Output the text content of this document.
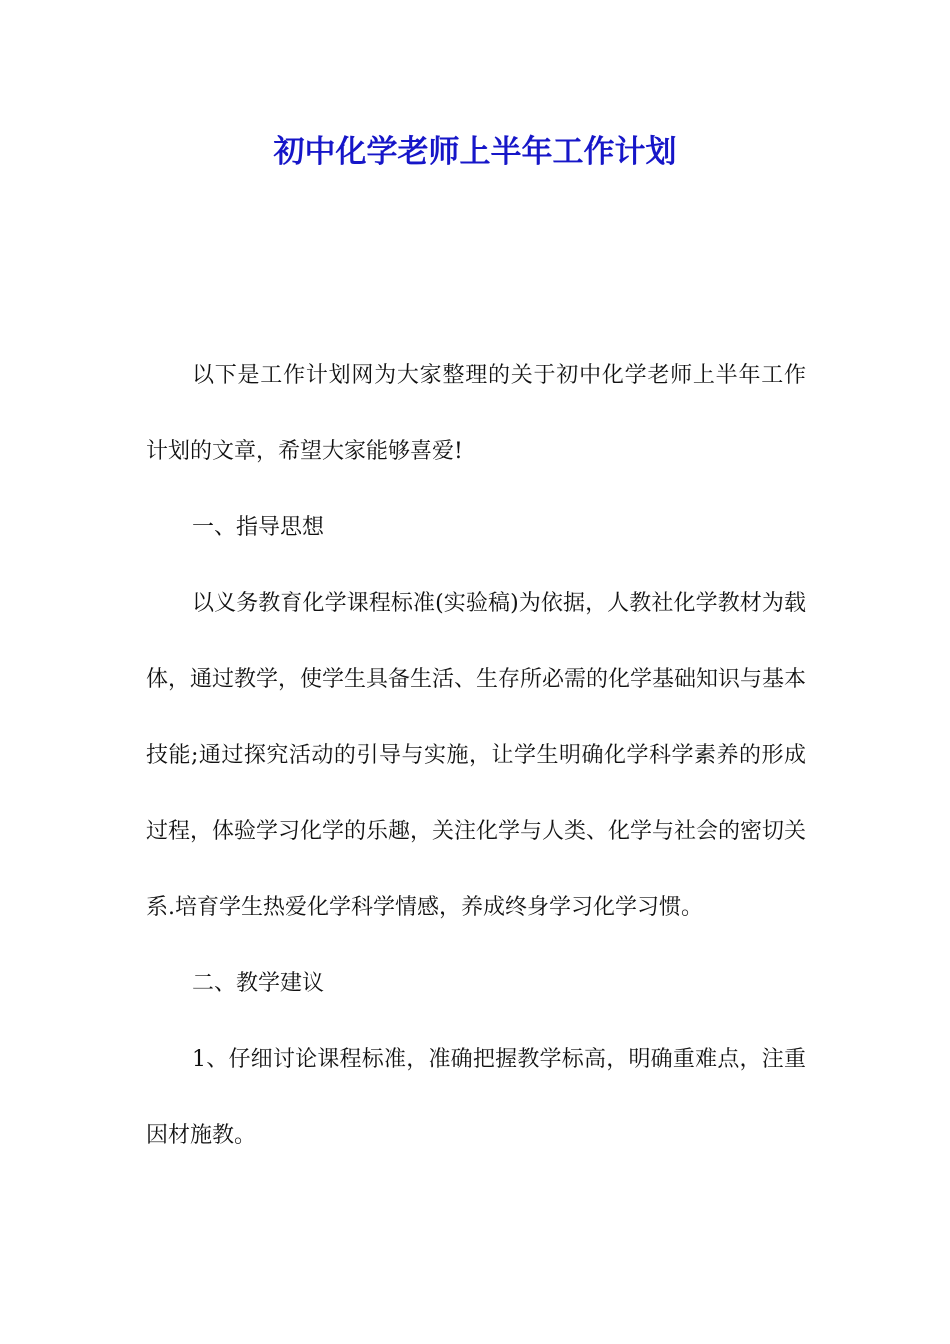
初中化学老师上半年工作计划

以下是工作计划网为大家整理的关于初中化学老师上半年工作计划的文章，希望大家能够喜爱!

一、指导思想

以义务教育化学课程标准(实验稿)为依据，人教社化学教材为载体，通过教学，使学生具备生活、生存所必需的化学基础知识与基本技能;通过探究活动的引导与实施，让学生明确化学科学素养的形成过程，体验学习化学的乐趣，关注化学与人类、化学与社会的密切关系.培育学生热爱化学科学情感，养成终身学习化学习惯。

二、教学建议

1、仔细讨论课程标准，准确把握教学标高，明确重难点，注重因材施教。
